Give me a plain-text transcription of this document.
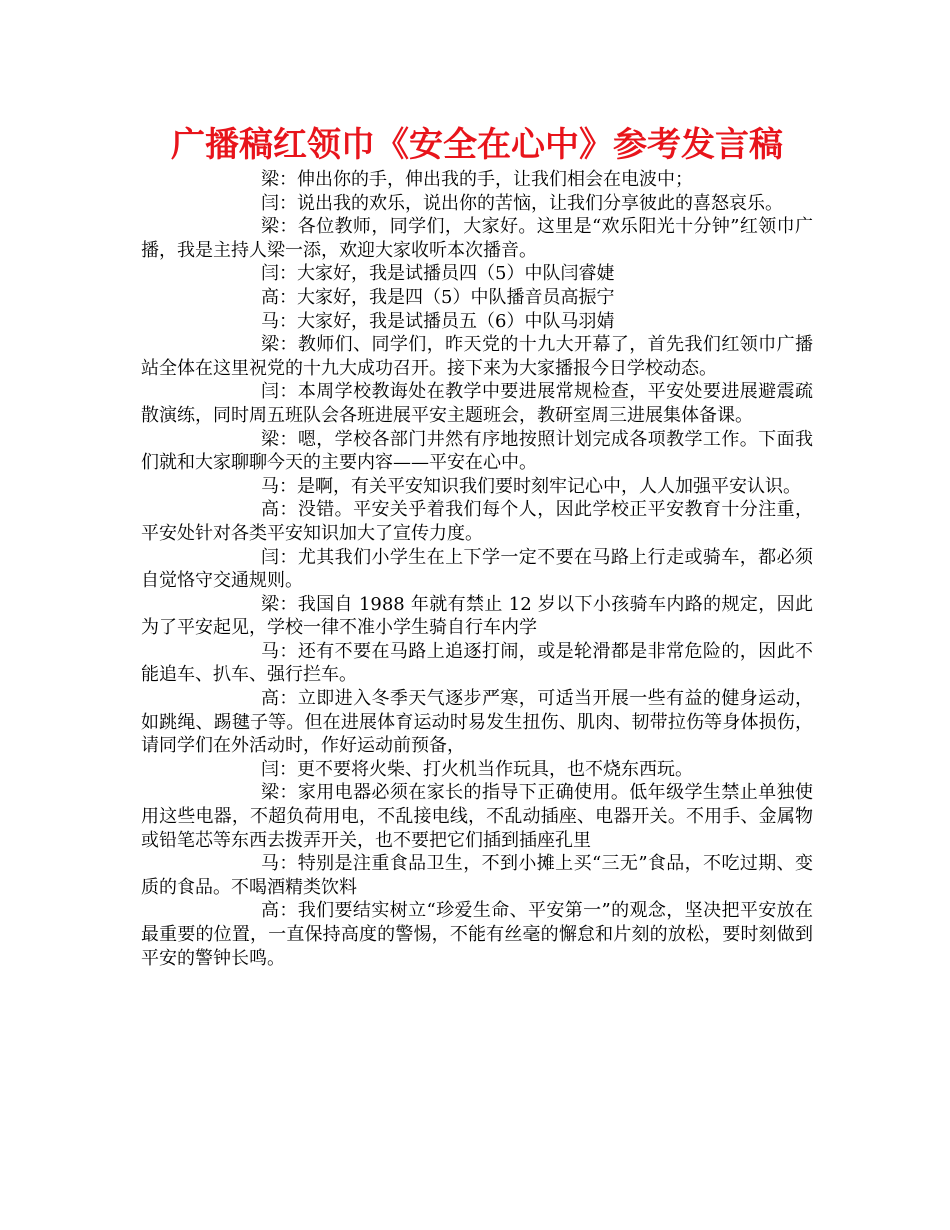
广播稿红领巾《安全在心中》参考发言稿

梁：伸出你的手，伸出我的手，让我们相会在电波中；

闫：说出我的欢乐，说出你的苦恼，让我们分享彼此的喜怒哀乐。

梁：各位教师，同学们，大家好。这里是“欢乐阳光十分钟”红领巾广播，我是主持人梁一添，欢迎大家收听本次播音。

闫：大家好，我是试播员四（5）中队闫睿婕

高：大家好，我是四（5）中队播音员高振宁

马：大家好，我是试播员五（6）中队马羽婧

梁：教师们、同学们，昨天党的十九大开幕了，首先我们红领巾广播站全体在这里祝党的十九大成功召开。接下来为大家播报今日学校动态。

闫：本周学校教诲处在教学中要进展常规检查，平安处要进展避震疏散演练，同时周五班队会各班进展平安主题班会，教研室周三进展集体备课。

梁：嗯，学校各部门井然有序地按照计划完成各项教学工作。下面我们就和大家聊聊今天的主要内容——平安在心中。

马：是啊，有关平安知识我们要时刻牢记心中，人人加强平安认识。

高：没错。平安关乎着我们每个人，因此学校正平安教育十分注重，平安处针对各类平安知识加大了宣传力度。

闫：尤其我们小学生在上下学一定不要在马路上行走或骑车，都必须自觉恪守交通规则。

梁：我国自 1988 年就有禁止 12 岁以下小孩骑车内路的规定，因此为了平安起见，学校一律不准小学生骑自行车内学

马：还有不要在马路上追逐打闹，或是轮滑都是非常危险的，因此不能追车、扒车、强行拦车。

高：立即进入冬季天气逐步严寒，可适当开展一些有益的健身运动，如跳绳、踢毽子等。但在进展体育运动时易发生扭伤、肌肉、韧带拉伤等身体损伤，请同学们在外活动时，作好运动前预备，

闫：更不要将火柴、打火机当作玩具，也不烧东西玩。

梁：家用电器必须在家长的指导下正确使用。低年级学生禁止单独使用这些电器，不超负荷用电，不乱接电线，不乱动插座、电器开关。不用手、金属物或铅笔芯等东西去拨弄开关，也不要把它们插到插座孔里

马：特别是注重食品卫生，不到小摊上买“三无”食品，不吃过期、变质的食品。不喝酒精类饮料

高：我们要结实树立“珍爱生命、平安第一”的观念，坚决把平安放在最重要的位置，一直保持高度的警惕，不能有丝毫的懈怠和片刻的放松，要时刻做到平安的警钟长鸣。
